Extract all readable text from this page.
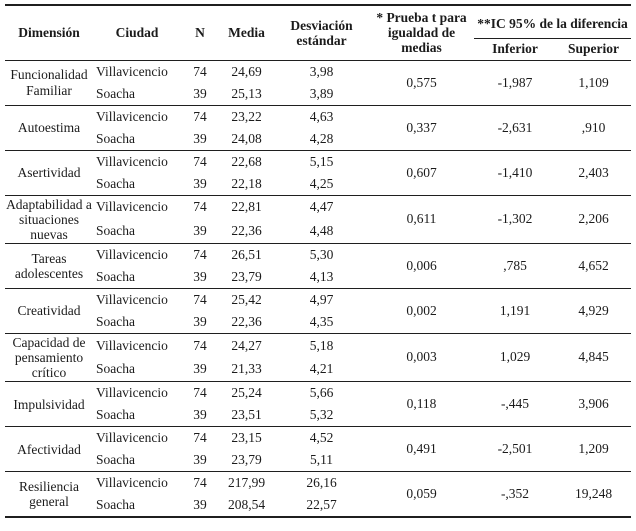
Dimensión	Ciudad	N	Media	Desviación estándar	* Prueba t para igualdad de medias	**IC 95% de la diferencia	
						Inferior	Superior
Funcionalidad Familiar	Villavicencio	74	24,69	3,98	0,575	-1,987	1,109
	Soacha	39	25,13	3,89			
Autoestima	Villavicencio	74	23,22	4,63	0,337	-2,631	,910
	Soacha	39	24,08	4,28			
Asertividad	Villavicencio	74	22,68	5,15	0,607	-1,410	2,403
	Soacha	39	22,18	4,25			
Adaptabilidad a situaciones nuevas	Villavicencio	74	22,81	4,47	0,611	-1,302	2,206
	Soacha	39	22,36	4,48			
Tareas adolescentes	Villavicencio	74	26,51	5,30	0,006	,785	4,652
	Soacha	39	23,79	4,13			
Creatividad	Villavicencio	74	25,42	4,97	0,002	1,191	4,929
	Soacha	39	22,36	4,35			
Capacidad de pensamiento crítico	Villavicencio	74	24,27	5,18	0,003	1,029	4,845
	Soacha	39	21,33	4,21			
Impulsividad	Villavicencio	74	25,24	5,66	0,118	-,445	3,906
	Soacha	39	23,51	5,32			
Afectividad	Villavicencio	74	23,15	4,52	0,491	-2,501	1,209
	Soacha	39	23,79	5,11			
Resiliencia general	Villavicencio	74	217,99	26,16	0,059	-,352	19,248
	Soacha	39	208,54	22,57			
